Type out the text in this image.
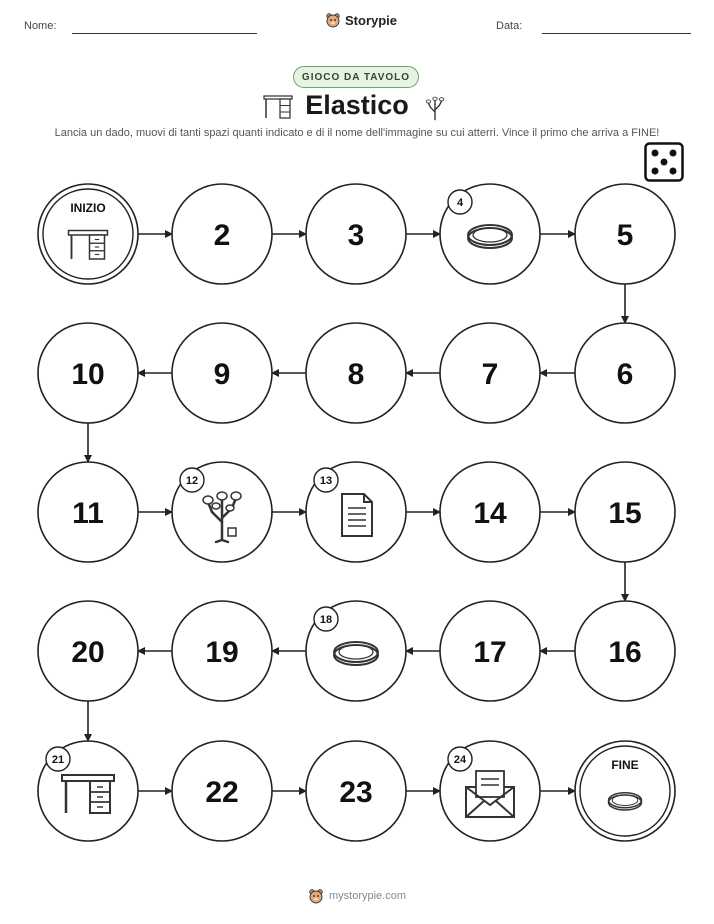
Nome:	Storypie	Data:
GIOCO DA TAVOLO
Elastico
Lancia un dado, muovi di tanti spazi quanti indicato e di il nome dell'immagine su cui atterri. Vince il primo che arriva a FINE!
INIZIO
2	3
4
5
6
7
8
9
10
11
12	13
14	15
16
17
18
19
20
21
22	23
24	FINE
mystorypie.com
